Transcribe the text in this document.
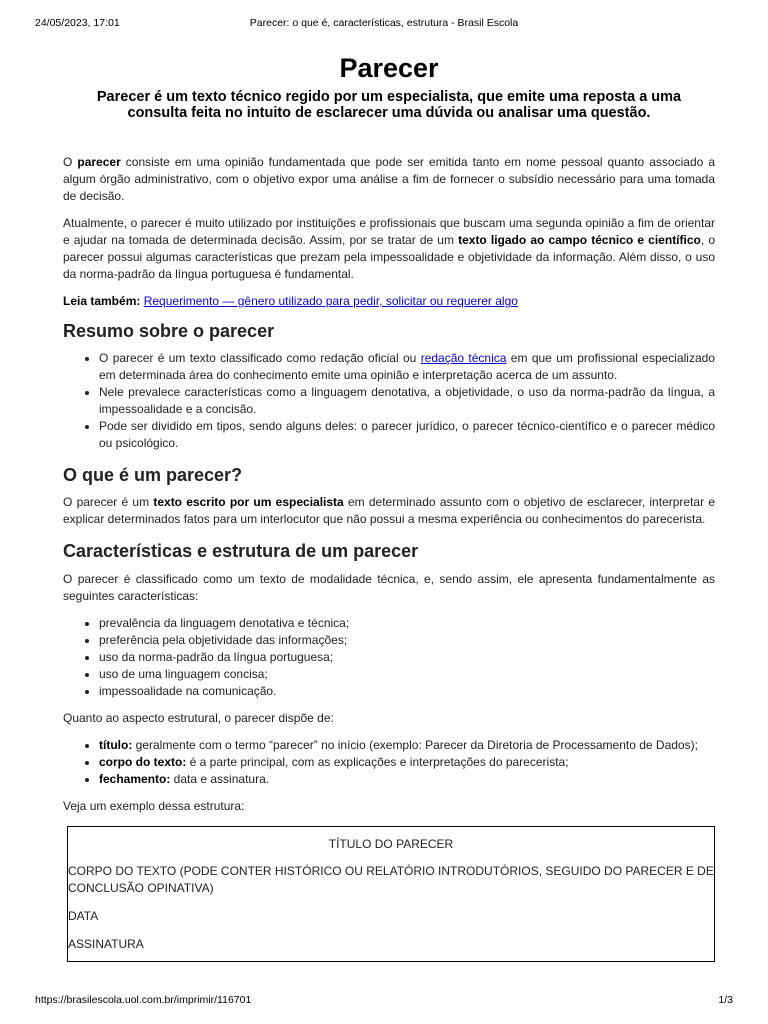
24/05/2023, 17:01	Parecer: o que é, características, estrutura - Brasil Escola
Parecer
Parecer é um texto técnico regido por um especialista, que emite uma reposta a uma consulta feita no intuito de esclarecer uma dúvida ou analisar uma questão.

O parecer consiste em uma opinião fundamentada que pode ser emitida tanto em nome pessoal quanto associado a algum órgão administrativo, com o objetivo expor uma análise a fim de fornecer o subsídio necessário para uma tomada de decisão.

Atualmente, o parecer é muito utilizado por instituições e profissionais que buscam uma segunda opinião a fim de orientar e ajudar na tomada de determinada decisão. Assim, por se tratar de um texto ligado ao campo técnico e científico, o parecer possui algumas características que prezam pela impessoalidade e objetividade da informação. Além disso, o uso da norma-padrão da língua portuguesa é fundamental.

Leia também: Requerimento — gênero utilizado para pedir, solicitar ou requerer algo

Resumo sobre o parecer
• O parecer é um texto classificado como redação oficial ou redação técnica em que um profissional especializado em determinada área do conhecimento emite uma opinião e interpretação acerca de um assunto.
• Nele prevalece características como a linguagem denotativa, a objetividade, o uso da norma-padrão da língua, a impessoalidade e a concisão.
• Pode ser dividido em tipos, sendo alguns deles: o parecer jurídico, o parecer técnico-científico e o parecer médico ou psicológico.
O que é um parecer?

O parecer é um texto escrito por um especialista em determinado assunto com o objetivo de esclarecer, interpretar e explicar determinados fatos para um interlocutor que não possui a mesma experiência ou conhecimentos do parecerista.

Características e estrutura de um parecer

O parecer é classificado como um texto de modalidade técnica, e, sendo assim, ele apresenta fundamentalmente as seguintes características:

• prevalência da linguagem denotativa e técnica;
• preferência pela objetividade das informações;
• uso da norma-padrão da língua portuguesa;
• uso de uma linguagem concisa;
• impessoalidade na comunicação.

Quanto ao aspecto estrutural, o parecer dispõe de:

• título: geralmente com o termo “parecer” no início (exemplo: Parecer da Diretoria de Processamento de Dados);
• corpo do texto: é a parte principal, com as explicações e interpretações do parecerista;
• fechamento: data e assinatura.

Veja um exemplo dessa estrutura:

TÍTULO DO PARECER
CORPO DO TEXTO (PODE CONTER HISTÓRICO OU RELATÓRIO INTRODUTÓRIOS, SEGUIDO DO PARECER E DE CONCLUSÃO OPINATIVA)
DATA
ASSINATURA
https://brasilescola.uol.com.br/imprimir/116701	1/3
